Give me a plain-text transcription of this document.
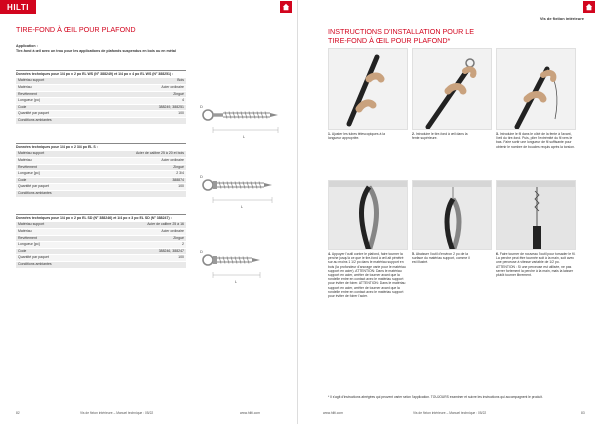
HILTI
TIRE-FOND À ŒIL POUR PLAFOND
Application :
Tire-fond à œil avec un trou pour les applications de plafonds suspendus en bois ou en métal
Données techniques pour 1/4 po x 2 po EL WS (N° 388249) et 1/4 po x 4 po EL WS (N° 388251) :
Matériau support	Bois
Matériau	Acier ordinaire
Revêtement	Zingué
Longueur (po)	4
Code	388249, 388251
Quantité par paquet	100
Conditions ambiantes
L
D
Données techniques pour 1/4 po x 2 3/4 po EL S :
Matériau support	Acier de calibre 25 à 20 et bois
Matériau	Acier ordinaire
Revêtement	Zingué
Longueur [po]	2 3/4
Code	388874
Quantité par paquet	100
Conditions ambiantes
L
D
Données techniques pour 1/4 po x 2 po EL SD (N° 388246) et 1/4 po x 3 po EL SD (N° 388247) :
Matériau support	Acier de calibre 25 à 16
Matériau	Acier ordinaire
Revêtement	Zingué
Longueur [po]	2
Code	388246, 388247
Quantité par paquet	100
Conditions ambiantes
L
D
82	Vis de fixton intérieure – Manuel technique : 05/22	www.hilti.com
Vis de fixtion intérieure
INSTRUCTIONS D'INSTALLATION POUR LE TIRE-FOND À ŒIL POUR PLAFOND*
1.Ajuster les tubes télescopiques à la longueur appropriée.
2.Introduire le tire-fond à œil dans la fente supérieure.
3.Introduire le fil dans le côté de la fente à l'avant, l'œil du tire-fond. Puis, plier l'extrémité du fil vers le bas. Faire sortir une longueur de fil suffisante pour obtenir le nombre de boucles requis après la torsion.
4.Appuyer l'outil contre le plafond, faire tourner la perche jusqu'à ce que le tire-fond à œil ait pénétré sur au moins 1 1/2 po dans le matériau support en bois (la profondeur d'ancrage varie pour le matériau support en acier). ATTENTION: Dans le matériau support en acier, arrêter de tourner avant que la rondelle entre en contact avec le matériau support pour éviter de foirer. ATTENTION: Dans le matériau support en acier, arrêter de tourner avant que la rondelle entre en contact avec le matériau support pour éviter de foirer l'acier.
5.Abaisser l'outil d'environ 2 po de la surface du matériau support, comme il est illustré.
6.Faire tourner de nouveau l'outil pour torsader le fil. La perche peut être tournée soit à la main, soit avec une perceuse à vitesse variable de 1/2 po. ATTENTION : Si une perceuse est utilisée, ne pas serrer fortement la perche à la main, mais la laisser plutôt tourner librement.
www.hilti.com	Vis de fixton intérieure – Manuel technique : 05/22	83
* Il s'agit d'instructions abrégées qui peuvent varier selon l'application. TOUJOURS examiner et suivre les instructions qui accompagnent le produit.
